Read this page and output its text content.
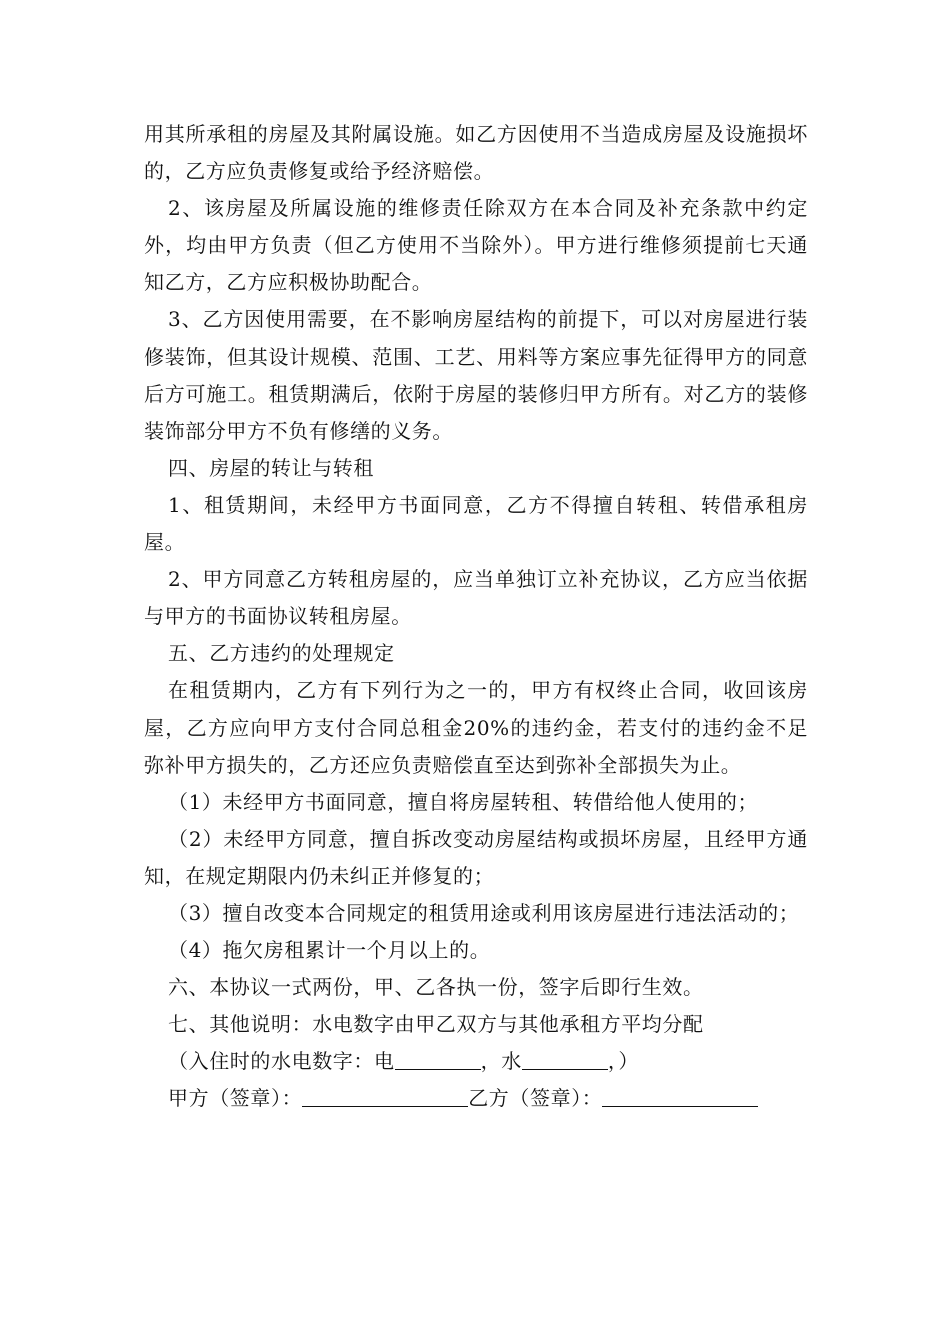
用其所承租的房屋及其附属设施。如乙方因使用不当造成房屋及设施损坏的，乙方应负责修复或给予经济赔偿。

2、该房屋及所属设施的维修责任除双方在本合同及补充条款中约定外，均由甲方负责（但乙方使用不当除外）。甲方进行维修须提前七天通知乙方，乙方应积极协助配合。

3、乙方因使用需要，在不影响房屋结构的前提下，可以对房屋进行装修装饰，但其设计规模、范围、工艺、用料等方案应事先征得甲方的同意后方可施工。租赁期满后，依附于房屋的装修归甲方所有。对乙方的装修装饰部分甲方不负有修缮的义务。

四、房屋的转让与转租

1、租赁期间，未经甲方书面同意，乙方不得擅自转租、转借承租房屋。

2、甲方同意乙方转租房屋的，应当单独订立补充协议，乙方应当依据与甲方的书面协议转租房屋。

五、乙方违约的处理规定

在租赁期内，乙方有下列行为之一的，甲方有权终止合同，收回该房屋，乙方应向甲方支付合同总租金20%的违约金，若支付的违约金不足弥补甲方损失的，乙方还应负责赔偿直至达到弥补全部损失为止。

（1）未经甲方书面同意，擅自将房屋转租、转借给他人使用的；

（2）未经甲方同意，擅自拆改变动房屋结构或损坏房屋，且经甲方通知，在规定期限内仍未纠正并修复的；

（3）擅自改变本合同规定的租赁用途或利用该房屋进行违法活动的；

（4）拖欠房租累计一个月以上的。

六、本协议一式两份，甲、乙各执一份，签字后即行生效。

七、其他说明：水电数字由甲乙双方与其他承租方平均分配

（入住时的水电数字：电	，水	，）

甲方（签章）：	乙方（签章）：
